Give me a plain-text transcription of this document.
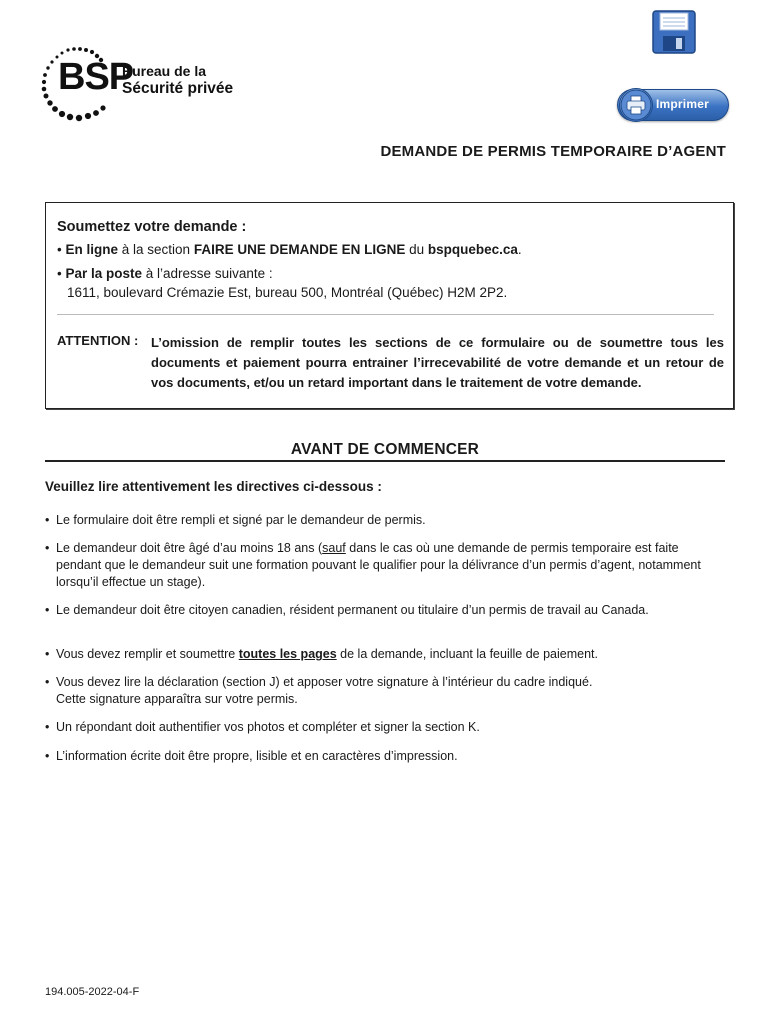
BSP
Bureau de la
Sécurité privée
Imprimer
DEMANDE DE PERMIS TEMPORAIRE D’AGENT
Soumettez votre demande :
• En ligne à la section FAIRE UNE DEMANDE EN LIGNE du bspquebec.ca.
• Par la poste à l’adresse suivante :
1611, boulevard Crémazie Est, bureau 500, Montréal (Québec) H2M 2P2.
ATTENTION : L’omission de remplir toutes les sections de ce formulaire ou de soumettre tous les documents et paiement pourra entrainer l’irrecevabilité de votre demande et un retour de vos documents, et/ou un retard important dans le traitement de votre demande.
AVANT DE COMMENCER
Veuillez lire attentivement les directives ci-dessous :
• Le formulaire doit être rempli et signé par le demandeur de permis.
• Le demandeur doit être âgé d’au moins 18 ans (sauf dans le cas où une demande de permis temporaire est faite pendant que le demandeur suit une formation pouvant le qualifier pour la délivrance d’un permis d’agent, notamment lorsqu’il effectue un stage).
• Le demandeur doit être citoyen canadien, résident permanent ou titulaire d’un permis de travail au Canada.
• Vous devez remplir et soumettre toutes les pages de la demande, incluant la feuille de paiement.
• Vous devez lire la déclaration (section J) et apposer votre signature à l’intérieur du cadre indiqué.
Cette signature apparaîtra sur votre permis.
• Un répondant doit authentifier vos photos et compléter et signer la section K.
• L’information écrite doit être propre, lisible et en caractères d’impression.
194.005-2022-04-F
